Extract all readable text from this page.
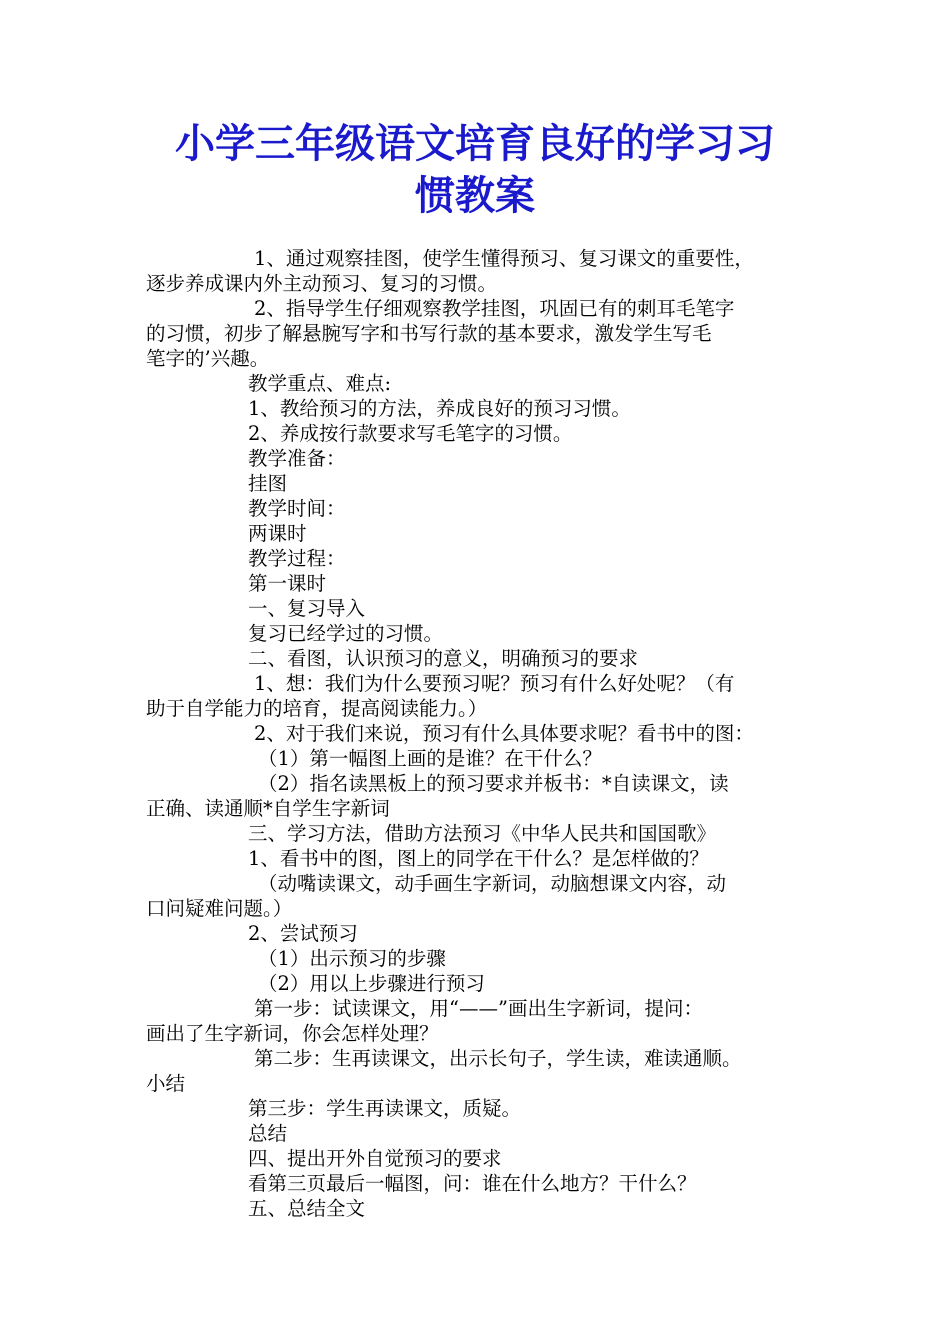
小学三年级语文培育良好的学习习
惯教案

1、通过观察挂图，使学生懂得预习、复习课文的重要性，

逐步养成课内外主动预习、复习的习惯。

2、指导学生仔细观察教学挂图，巩固已有的刺耳毛笔字

的习惯，初步了解悬腕写字和书写行款的基本要求，激发学生写毛

笔字的’兴趣。

教学重点、难点:

1、教给预习的方法，养成良好的预习习惯。

2、养成按行款要求写毛笔字的习惯。

教学准备：

挂图

教学时间：

两课时

教学过程：

第一课时

一、复习导入

复习已经学过的习惯。

二、看图，认识预习的意义，明确预习的要求

1、想：我们为什么要预习呢？预习有什么好处呢？（有

助于自学能力的培育，提高阅读能力。）

2、对于我们来说，预习有什么具体要求呢？看书中的图：

（1）第一幅图上画的是谁？在干什么？

（2）指名读黑板上的预习要求并板书：*自读课文，读

正确、读通顺*自学生字新词

三、学习方法，借助方法预习《中华人民共和国国歌》

1、看书中的图，图上的同学在干什么？是怎样做的？

（动嘴读课文，动手画生字新词，动脑想课文内容，动

口问疑难问题。）

2、尝试预习

（1）出示预习的步骤

（2）用以上步骤进行预习

第一步：试读课文，用“——”画出生字新词，提问：

画出了生字新词，你会怎样处理？

第二步：生再读课文，出示长句子，学生读，难读通顺。

小结

第三步：学生再读课文，质疑。

总结

四、提出开外自觉预习的要求

看第三页最后一幅图，问：谁在什么地方？干什么？

五、总结全文
